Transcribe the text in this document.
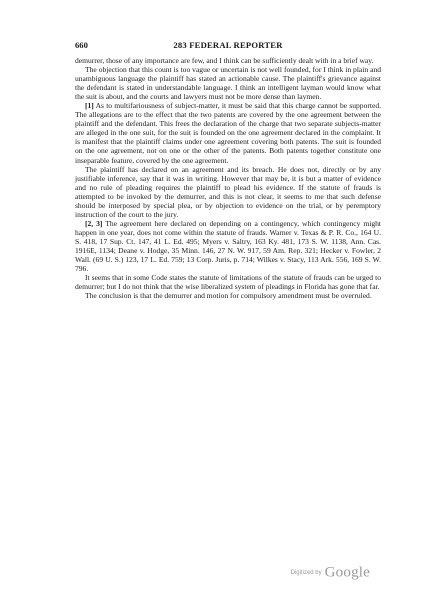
660	283 FEDERAL REPORTER

demurrer, those of any importance are few, and I think can be sufficiently dealt with in a brief way.

The objection that this count is too vague or uncertain is not well founded, for I think in plain and unambiguous language the plaintiff has stated an actionable cause. The plaintiff's grievance against the defendant is stated in understandable language. I think an intelligent layman would know what the suit is about, and the courts and lawyers must not be more dense than laymen.

[1] As to multifariousness of subject-matter, it must be said that this charge cannot be supported. The allegations are to the effect that the two patents are covered by the one agreement between the plaintiff and the defendant. This frees the declaration of the charge that two separate subjects-matter are alleged in the one suit, for the suit is founded on the one agreement declared in the complaint. It is manifest that the plaintiff claims under one agreement covering both patents. The suit is founded on the one agreement, not on one or the other of the patents. Both patents together constitute one inseparable feature, covered by the one agreement.

The plaintiff has declared on an agreement and its breach. He does not, directly or by any justifiable inference, say that it was in writing. However that may be, it is but a matter of evidence and no rule of pleading requires the plaintiff to plead his evidence. If the statute of frauds is attempted to be invoked by the demurrer, and this is not clear, it seems to me that such defense should be interposed by special plea, or by objection to evidence on the trial, or by peremptory instruction of the court to the jury.

[2, 3] The agreement here declared on depending on a contingency, which contingency might happen in one year, does not come within the statute of frauds. Warner v. Texas & P. R. Co., 164 U. S. 418, 17 Sup. Ct. 147, 41 L. Ed. 495; Myers v. Saltry, 163 Ky. 481, 173 S. W. 1138, Ann. Cas. 1916E, 1134; Deane v. Hodge, 35 Minn. 146, 27 N. W. 917, 59 Am. Rep. 321; Hecker v. Fowler, 2 Wall. (69 U. S.) 123, 17 L. Ed. 759; 13 Corp. Juris, p. 714; Wilkes v. Stacy, 113 Ark. 556, 169 S. W. 796.

It seems that in some Code states the statute of limitations of the statute of frauds can be urged to demurrer; but I do not think that the wise liberalized system of pleadings in Florida has gone that far.

The conclusion is that the demurrer and motion for compulsory amendment must be overruled.

Digitized by Google
